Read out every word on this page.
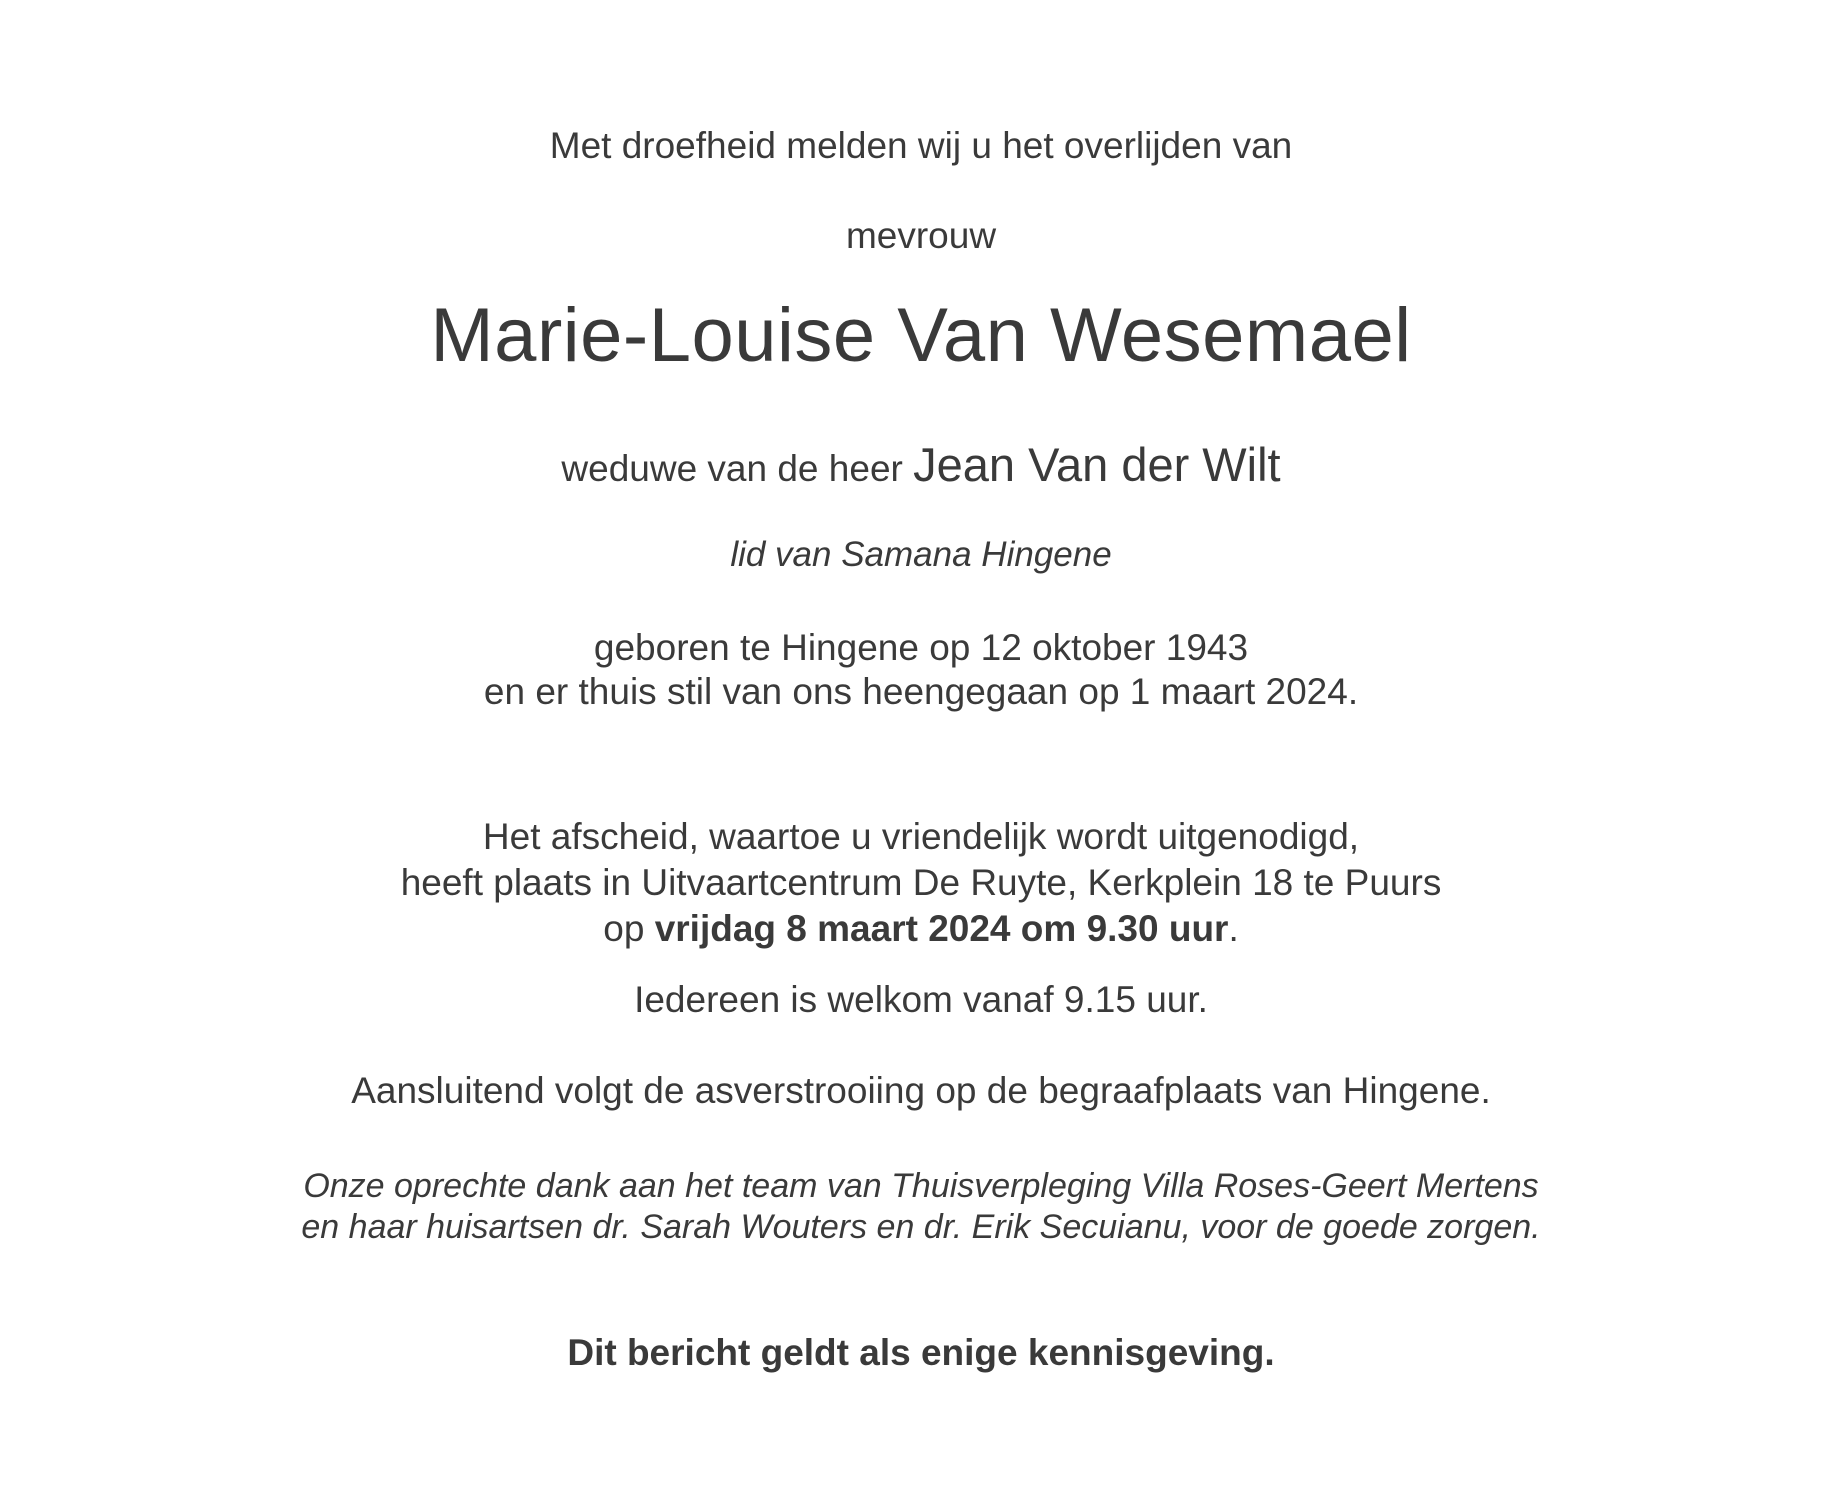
Met droefheid melden wij u het overlijden van
mevrouw
Marie-Louise Van Wesemael
weduwe van de heer Jean Van der Wilt
lid van Samana Hingene
geboren te Hingene op 12 oktober 1943
en er thuis stil van ons heengegaan op 1 maart 2024.
Het afscheid, waartoe u vriendelijk wordt uitgenodigd,
heeft plaats in Uitvaartcentrum De Ruyte, Kerkplein 18 te Puurs
op vrijdag 8 maart 2024 om 9.30 uur.
Iedereen is welkom vanaf 9.15 uur.
Aansluitend volgt de asverstrooiing op de begraafplaats van Hingene.
Onze oprechte dank aan het team van Thuisverpleging Villa Roses-Geert Mertens
en haar huisartsen dr. Sarah Wouters en dr. Erik Secuianu, voor de goede zorgen.
Dit bericht geldt als enige kennisgeving.
